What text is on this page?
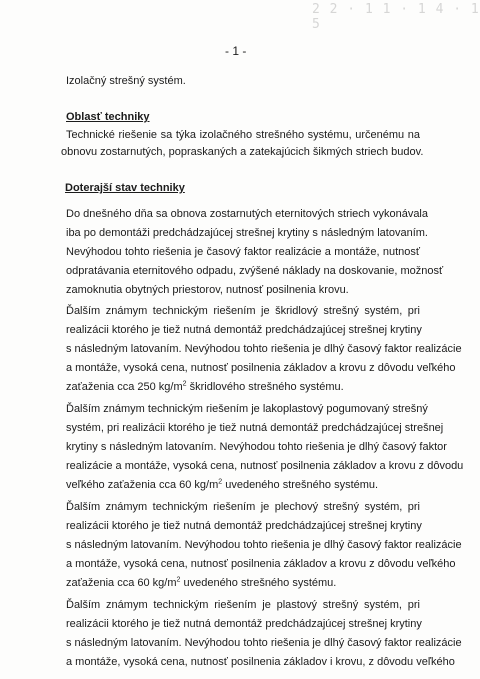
2 2 · 1 1 · 1 4 · 1 5
- 1 -
Izolačný strešný systém.
Oblasť techniky
Technické riešenie sa týka izolačného strešného systému, určenému na
obnovu zostarnutých, popraskaných a zatekajúcich šikmých striech budov.
Doterajší stav techniky
Do dnešného dňa sa obnova zostarnutých eternitových striech vykonávala
iba po demontáži predchádzajúcej strešnej krytiny s následným latovaním.
Nevýhodou tohto riešenia je časový faktor realizácie a montáže, nutnosť
odpratávania eternitového odpadu, zvýšené náklady na doskovanie, možnosť
zamoknutia obytných priestorov, nutnosť posilnenia krovu.
Ďalším známym technickým riešením je škridlový strešný systém, pri
realizácii ktorého je tiež nutná demontáž predchádzajúcej strešnej krytiny
s následným latovaním. Nevýhodou tohto riešenia je dlhý časový faktor realizácie
a montáže, vysoká cena, nutnosť posilnenia základov a krovu z dôvodu veľkého
zaťaženia cca 250 $kg/m^2$ škridlového strešného systému.
Ďalším známym technickým riešením je lakoplastový pogumovaný strešný
systém, pri realizácii ktorého je tiež nutná demontáž predchádzajúcej strešnej
krytiny s následným latovaním. Nevýhodou tohto riešenia je dlhý časový faktor
realizácie a montáže, vysoká cena, nutnosť posilnenia základov a krovu z dôvodu
veľkého zaťaženia cca 60 $kg/m^2$ uvedeného strešného systému.
Ďalším známym technickým riešením je plechový strešný systém, pri
realizácii ktorého je tiež nutná demontáž predchádzajúcej strešnej krytiny
s následným latovaním. Nevýhodou tohto riešenia je dlhý časový faktor realizácie
a montáže, vysoká cena, nutnosť posilnenia základov a krovu z dôvodu veľkého
zaťaženia cca 60 $kg/m^2$ uvedeného strešného systému.
Ďalším známym technickým riešením je plastový strešný systém, pri
realizácii ktorého je tiež nutná demontáž predchádzajúcej strešnej krytiny
s následným latovaním. Nevýhodou tohto riešenia je dlhý časový faktor realizácie
a montáže, vysoká cena, nutnosť posilnenia základov i krovu, z dôvodu veľkého
